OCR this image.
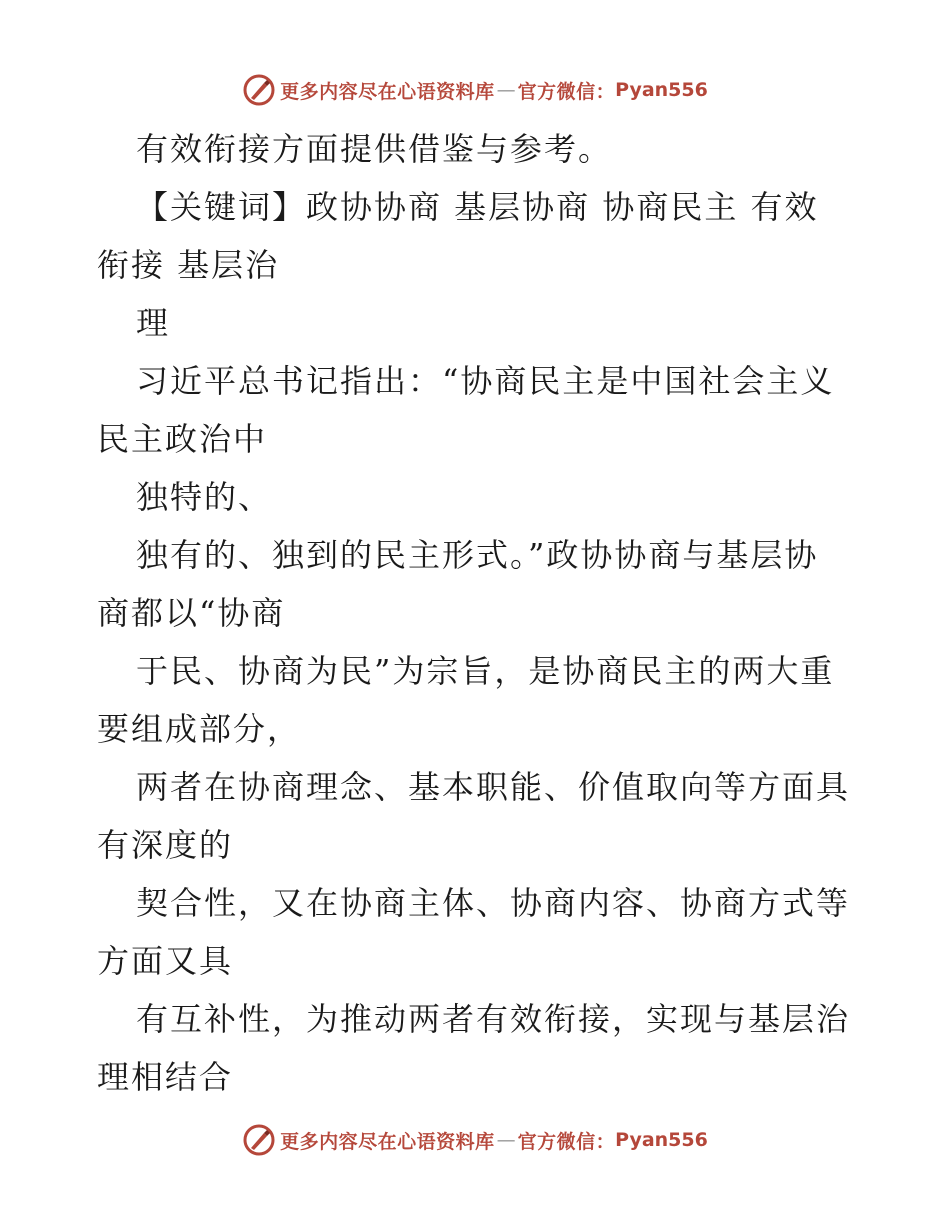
更多内容尽在心语资料库 — 官方微信： Pyan556
有效衔接方面提供借鉴与参考。
【关键词】政协协商 基层协商 协商民主 有效
衔接 基层治
理
习近平总书记指出：“协商民主是中国社会主义
民主政治中
独特的、
独有的、独到的民主形式。”政协协商与基层协
商都以“协商
于民、协商为民”为宗旨，是协商民主的两大重
要组成部分，
两者在协商理念、基本职能、价值取向等方面具
有深度的
契合性，又在协商主体、协商内容、协商方式等
方面又具
有互补性，为推动两者有效衔接，实现与基层治
理相结合
更多内容尽在心语资料库 — 官方微信： Pyan556
